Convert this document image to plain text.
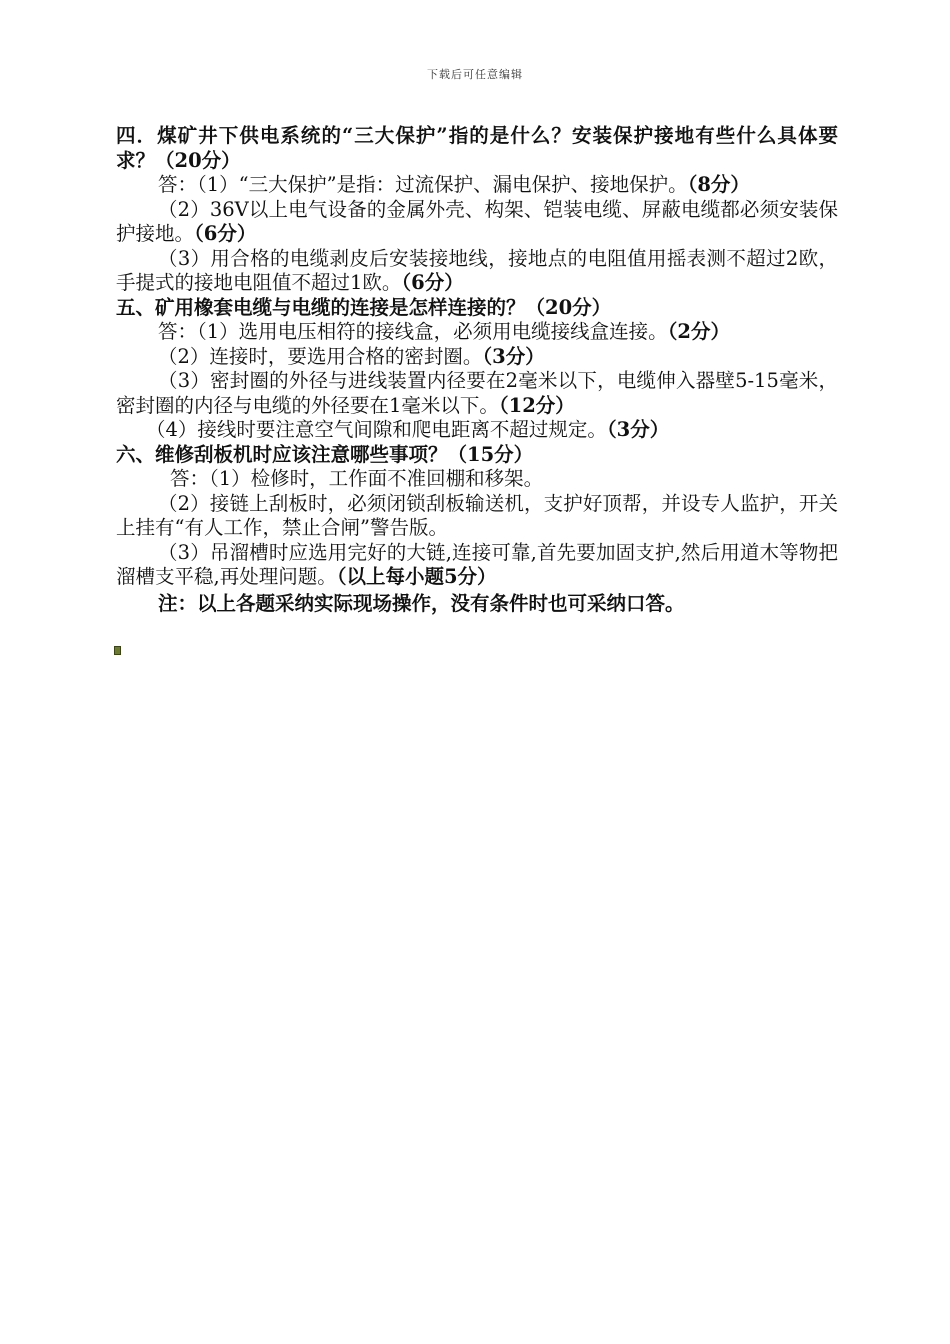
下载后可任意编辑

四．煤矿井下供电系统的“三大保护”指的是什么？安装保护接地有些什么具体要求？（20分）

答：（1）“三大保护”是指：过流保护、漏电保护、接地保护。（8分）

（2）36V以上电气设备的金属外壳、构架、铠装电缆、屏蔽电缆都必须安装保护接地。（6分）

（3）用合格的电缆剥皮后安装接地线，接地点的电阻值用摇表测不超过2欧，手提式的接地电阻值不超过1欧。（6分）

五、矿用橡套电缆与电缆的连接是怎样连接的？（20分）

答：（1）选用电压相符的接线盒，必须用电缆接线盒连接。（2分）

（2）连接时，要选用合格的密封圈。（3分）

（3）密封圈的外径与进线装置内径要在2毫米以下，电缆伸入器壁5-15毫米，密封圈的内径与电缆的外径要在1毫米以下。（12分）

（4）接线时要注意空气间隙和爬电距离不超过规定。（3分）

六、维修刮板机时应该注意哪些事项？（15分）

答：（1）检修时，工作面不准回棚和移架。

（2）接链上刮板时，必须闭锁刮板输送机，支护好顶帮，并设专人监护，开关上挂有“有人工作，禁止合闸”警告版。

（3）吊溜槽时应选用完好的大链,连接可靠,首先要加固支护,然后用道木等物把溜槽支平稳,再处理问题。（以上每小题5分）

注：以上各题采纳实际现场操作，没有条件时也可采纳口答。
